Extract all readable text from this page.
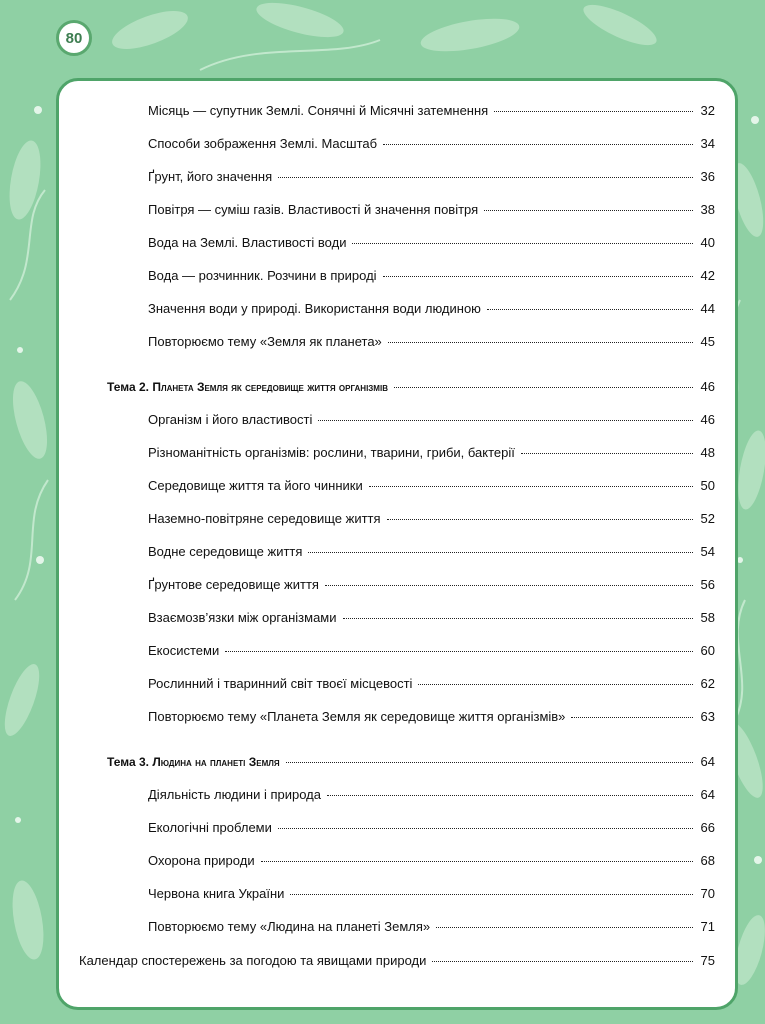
80
Місяць — супутник Землі. Сонячні й Місячні затемнення	32
Способи зображення Землі. Масштаб	34
Ґрунт, його значення	36
Повітря — суміш газів. Властивості й значення повітря	38
Вода на Землі. Властивості води	40
Вода — розчинник. Розчини в природі	42
Значення води у природі. Використання води людиною	44
Повторюємо тему «Земля як планета»	45
Тема 2. Планета Земля як середовище життя організмів	46
Організм і його властивості	46
Різноманітність організмів: рослини, тварини, гриби, бактерії	48
Середовище життя та його чинники	50
Наземно-повітряне середовище життя	52
Водне середовище життя	54
Ґрунтове середовище життя	56
Взаємозв’язки між організмами	58
Екосистеми	60
Рослинний і тваринний світ твоєї місцевості	62
Повторюємо тему «Планета Земля як середовище життя організмів»	63
Тема 3. Людина на планеті Земля	64
Діяльність людини і природа	64
Екологічні проблеми	66
Охорона природи	68
Червона книга України	70
Повторюємо тему «Людина на планеті Земля»	71
Календар спостережень за погодою та явищами природи	75
